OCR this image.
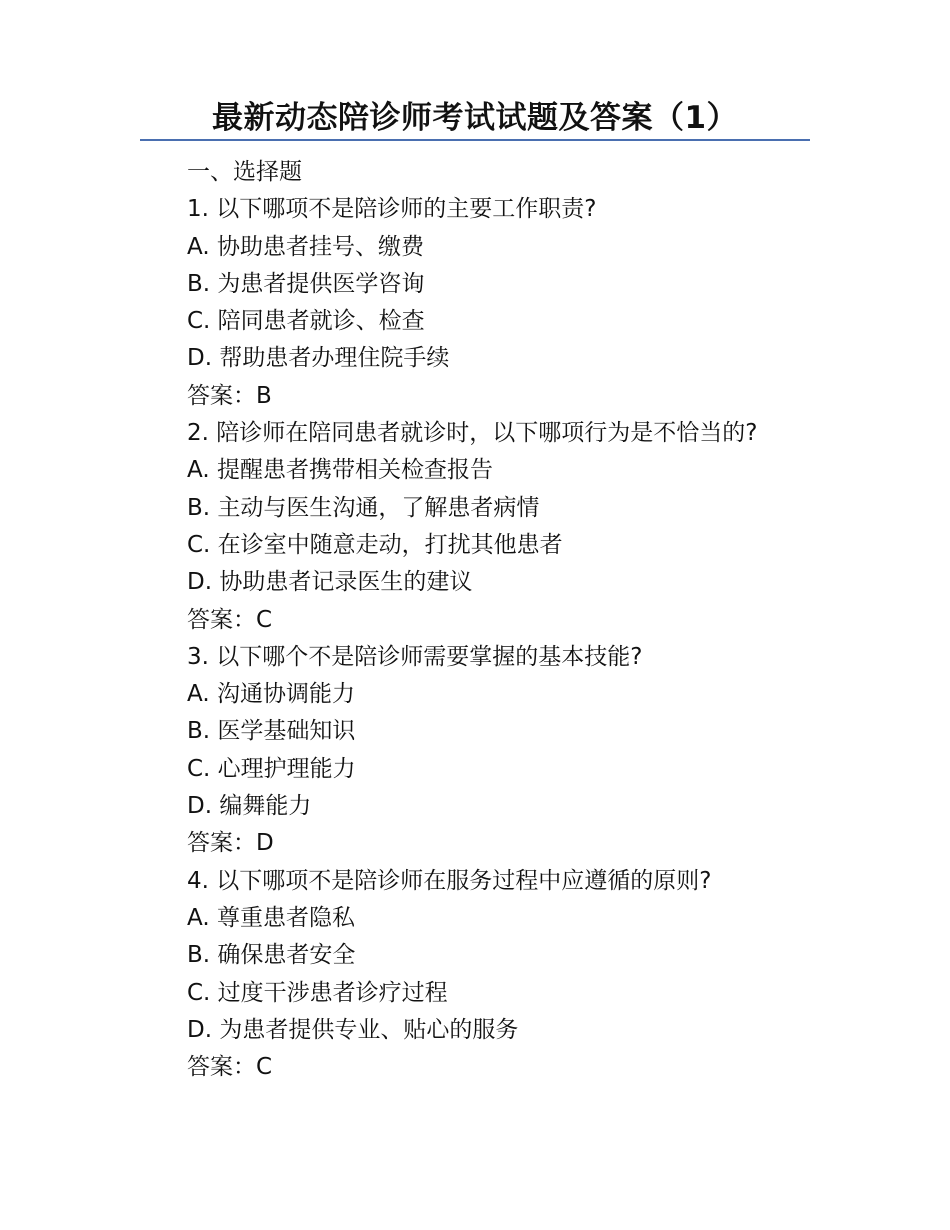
最新动态陪诊师考试试题及答案（1）
一、选择题
1. 以下哪项不是陪诊师的主要工作职责?
A. 协助患者挂号、缴费
B. 为患者提供医学咨询
C. 陪同患者就诊、检查
D. 帮助患者办理住院手续
答案：B
2. 陪诊师在陪同患者就诊时，以下哪项行为是不恰当的?
A. 提醒患者携带相关检查报告
B. 主动与医生沟通，了解患者病情
C. 在诊室中随意走动，打扰其他患者
D. 协助患者记录医生的建议
答案：C
3. 以下哪个不是陪诊师需要掌握的基本技能?
A. 沟通协调能力
B. 医学基础知识
C. 心理护理能力
D. 编舞能力
答案：D
4. 以下哪项不是陪诊师在服务过程中应遵循的原则?
A. 尊重患者隐私
B. 确保患者安全
C. 过度干涉患者诊疗过程
D. 为患者提供专业、贴心的服务
答案：C
